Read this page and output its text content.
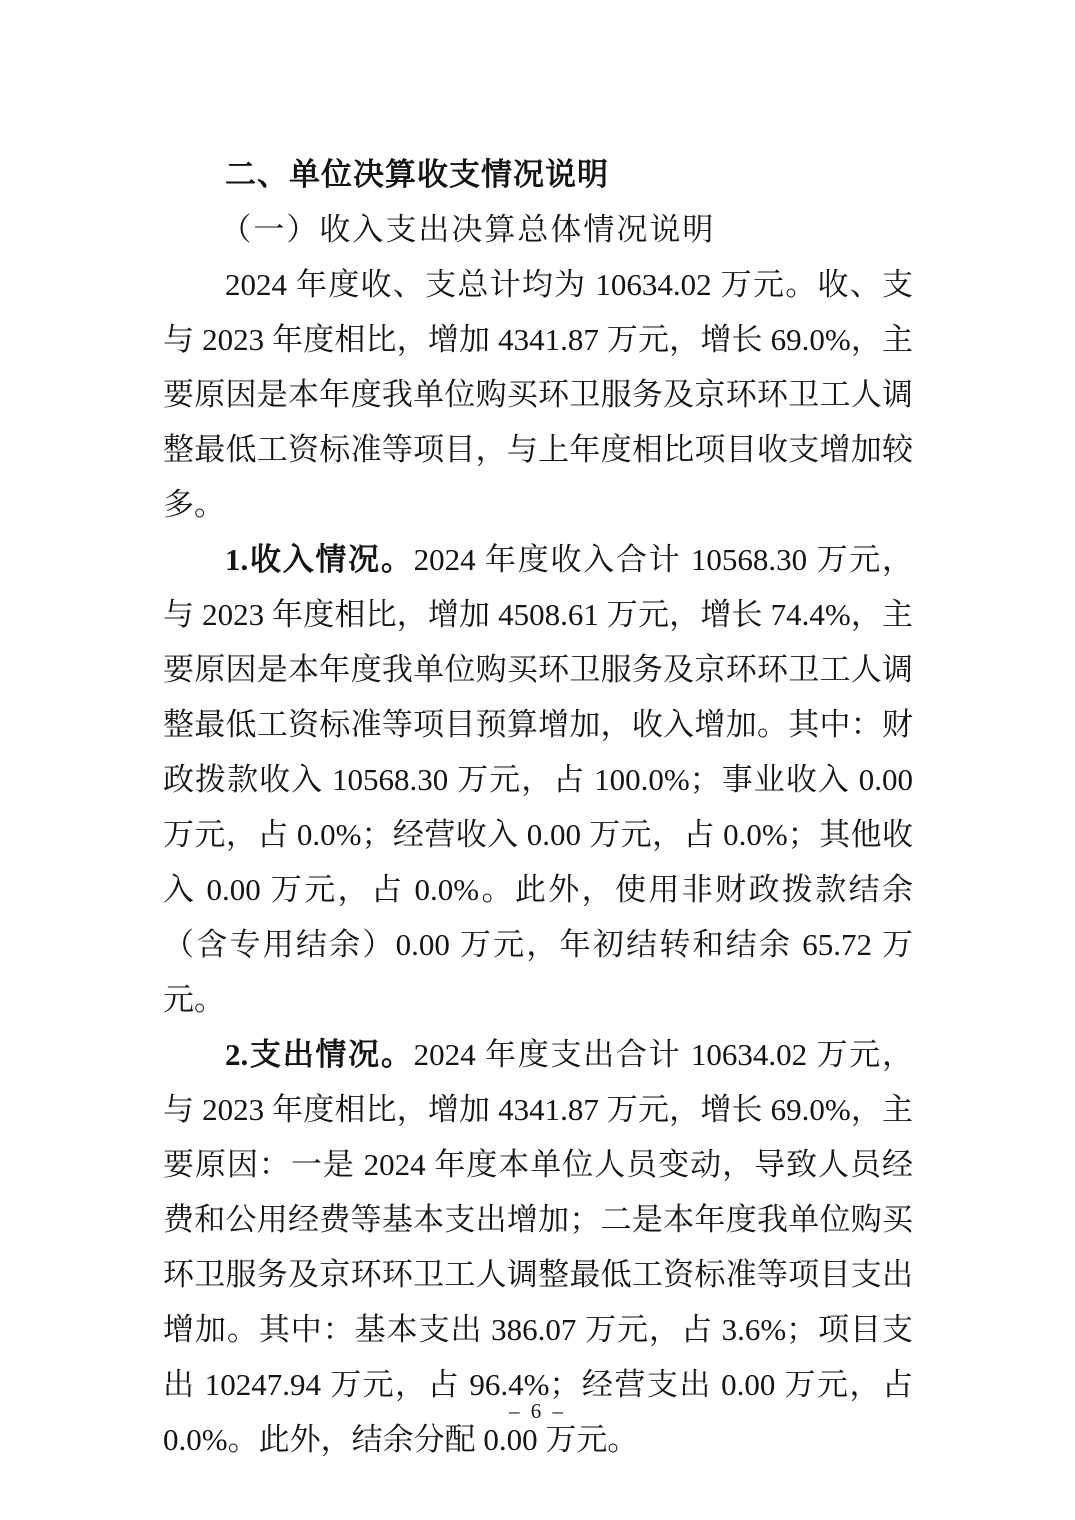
二、单位决算收支情况说明
（一）收入支出决算总体情况说明

2024 年度收、支总计均为 10634.02 万元。收、支与 2023 年度相比，增加 4341.87 万元，增长 69.0%，主要原因是本年度我单位购买环卫服务及京环环卫工人调整最低工资标准等项目，与上年度相比项目收支增加较多。

1.收入情况。2024 年度收入合计 10568.30 万元，与 2023 年度相比，增加 4508.61 万元，增长 74.4%，主要原因是本年度我单位购买环卫服务及京环环卫工人调整最低工资标准等项目预算增加，收入增加。其中：财政拨款收入 10568.30 万元，占 100.0%；事业收入 0.00 万元，占 0.0%；经营收入 0.00 万元，占 0.0%；其他收入 0.00 万元，占 0.0%。此外，使用非财政拨款结余（含专用结余）0.00 万元，年初结转和结余 65.72 万元。

2.支出情况。2024 年度支出合计 10634.02 万元，与 2023 年度相比，增加 4341.87 万元，增长 69.0%，主要原因：一是 2024 年度本单位人员变动，导致人员经费和公用经费等基本支出增加；二是本年度我单位购买环卫服务及京环环卫工人调整最低工资标准等项目支出增加。其中：基本支出 386.07 万元，占 3.6%；项目支出 10247.94 万元，占 96.4%；经营支出 0.00 万元，占 0.0%。此外，结余分配 0.00 万元。

– 6 –
